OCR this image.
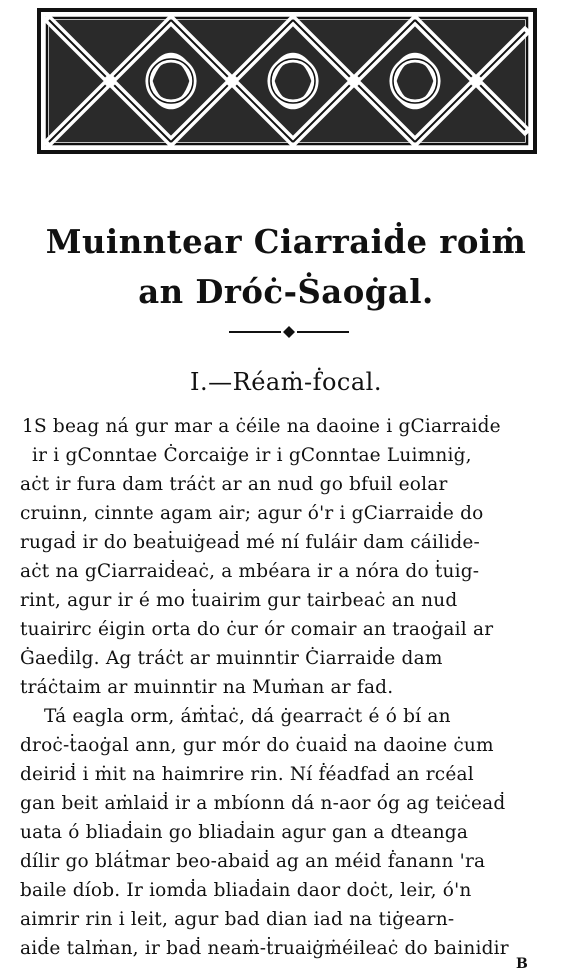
Muinntear Ciarraiḋe roiṁ
an Dróċ-Ṡaoġal.
I.—Réaṁ-ḟocal.
1S beag ná gur mar a ċéile na daoine i gCiarraiḋe
ir i gConntae Ċorcaiġe ir i gConntae Luimniġ,
aċt ir fura dam tráċt ar an nud go bfuil eolar
cruinn, cinnte agam air; agur ó'r i gCiarraiḋe do
rugaḋ ir do beaṫuiġeaḋ mé ní fuláir dam cáiliḋe-
aċt na gCiarraiḋeaċ, a mbéara ir a nóra do ṫuig-
rint, agur ir é mo ṫuairim gur tairbeaċ an nud
tuairirc éigin orta do ċur ór comair an traoġail ar
Ġaeḋilg. Ag tráċt ar muinntir Ċiarraiḋe dam
tráċtaim ar muinntir na Muṁan ar fad.
Tá eagla orm, áṁṫaċ, dá ġearraċt é ó bí an
droċ-ṫaoġal ann, gur mór do ċuaiḋ na daoine ċum
deiriḋ i ṁit na haimrire rin. Ní ḟéadfaḋ an rcéal
gan beit aṁlaiḋ ir a mbíonn dá n-aor óg ag teiċeaḋ
uata ó bliaḋain go bliaḋain agur gan a dteanga
dílir go bláṫmar beo-abaiḋ ag an méid ḟanann 'ra
baile díob. Ir iomḋa bliaḋain daor doċt, leir, ó'n
aimrir rin i leit, agur bad dian iad na tiġearn-
aiḋe talṁan, ir baḋ neaṁ-ṫruaiġṁéileaċ do bainidir
B
